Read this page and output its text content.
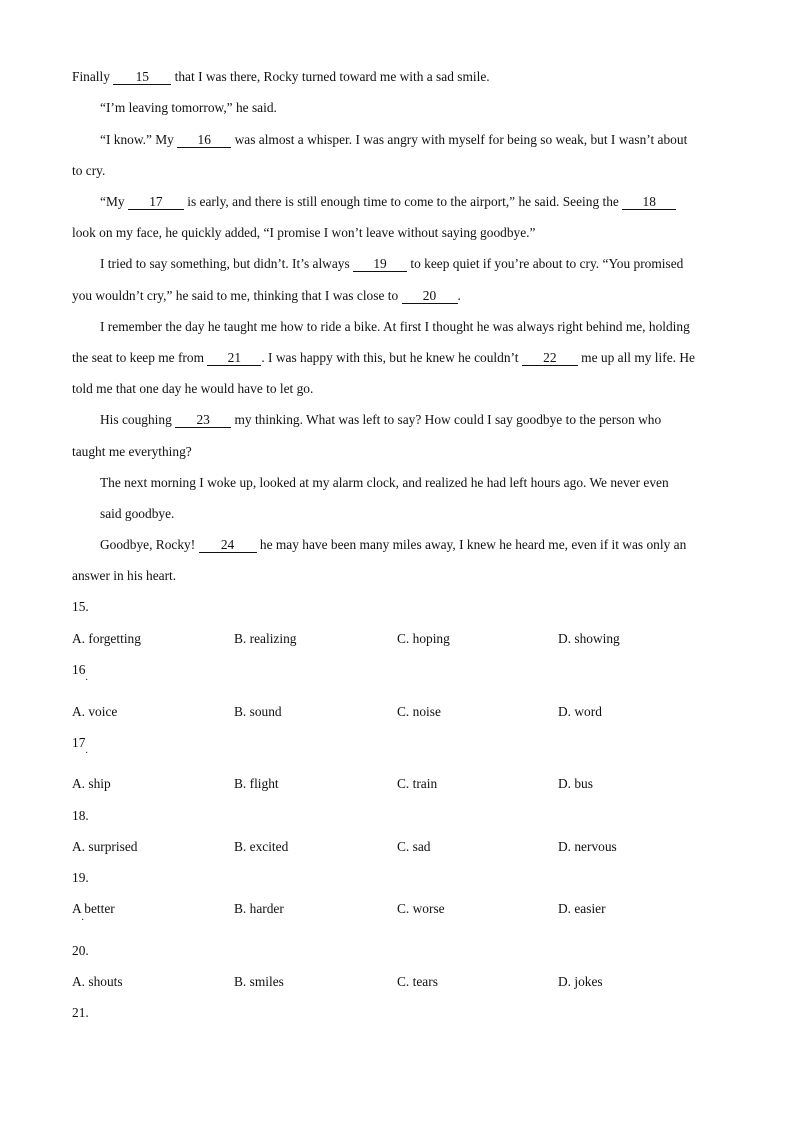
Finally 15 that I was there, Rocky turned toward me with a sad smile.
“I’m leaving tomorrow,” he said.
“I know.” My 16 was almost a whisper. I was angry with myself for being so weak, but I wasn’t about
to cry.
“My 17 is early, and there is still enough time to come to the airport,” he said. Seeing the 18
look on my face, he quickly added, “I promise I won’t leave without saying goodbye.”
I tried to say something, but didn’t. It’s always 19 to keep quiet if you’re about to cry. “You promised
you wouldn’t cry,” he said to me, thinking that I was close to 20 .
I remember the day he taught me how to ride a bike. At first I thought he was always right behind me, holding
the seat to keep me from 21 . I was happy with this, but he knew he couldn’t 22 me up all my life. He
told me that one day he would have to let go.
His coughing 23 my thinking. What was left to say? How could I say goodbye to the person who
taught me everything?
The next morning I woke up, looked at my alarm clock, and realized he had left hours ago. We never even
said goodbye.
Goodbye, Rocky! 24 he may have been many miles away, I knew he heard me, even if it was only an
answer in his heart.
15.
A. forgetting	B. realizing	C. hoping	D. showing
16
·
A. voice	B. sound	C. noise	D. word
17
·
A. ship	B. flight	C. train	D. bus
18.
A. surprised	B. excited	C. sad	D. nervous
19.
A better
·
B. harder	C. worse	D. easier
20.
A. shouts	B. smiles	C. tears	D. jokes
21.
